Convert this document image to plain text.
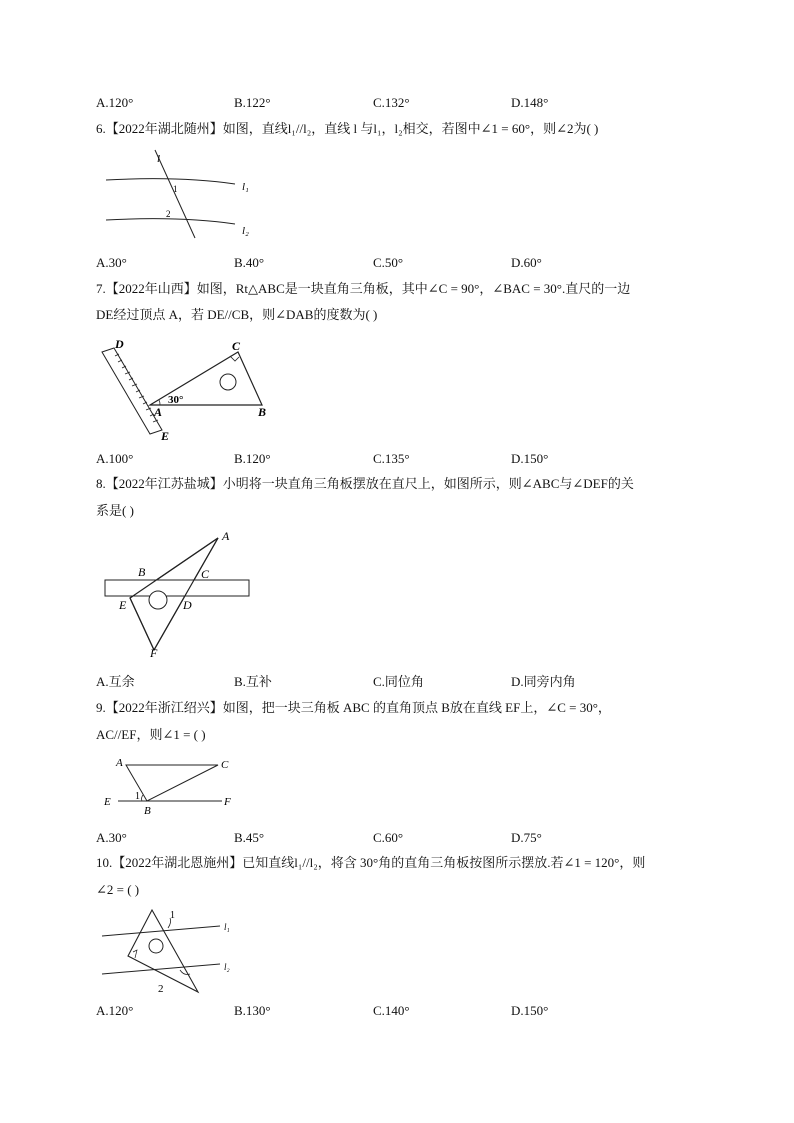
A.120°	B.122°	C.132°	D.148°
6.【2022年湖北随州】如图，直线l₁//l₂，直线 l 与l₁，l₂相交，若图中∠1 = 60°，则∠2为( )
l
1
2
l₁
l₂
A.30°	B.40°	C.50°	D.60°
7.【2022年山西】如图，Rt△ABC是一块直角三角板，其中∠C = 90°，∠BAC = 30°.直尺的一边
DE经过顶点 A，若 DE//CB，则∠DAB的度数为( )
D	C
30°
A	B
E
A.100°	B.120°	C.135°	D.150°
8.【2022年江苏盐城】小明将一块直角三角板摆放在直尺上，如图所示，则∠ABC与∠DEF的关
系是( )
A
B	C
E	D
F
A.互余	B.互补	C.同位角	D.同旁内角
9.【2022年浙江绍兴】如图，把一块三角板 ABC 的直角顶点 B放在直线 EF上，∠C = 30°，
AC//EF，则∠1 = ( )
A	C
E	F
1
B
A.30°	B.45°	C.60°	D.75°
10.【2022年湖北恩施州】已知直线l₁//l₂，将含 30°角的直角三角板按图所示摆放.若∠1 = 120°，则
∠2 = ( )
1
2
l₁
l₂
A.120°	B.130°	C.140°	D.150°
